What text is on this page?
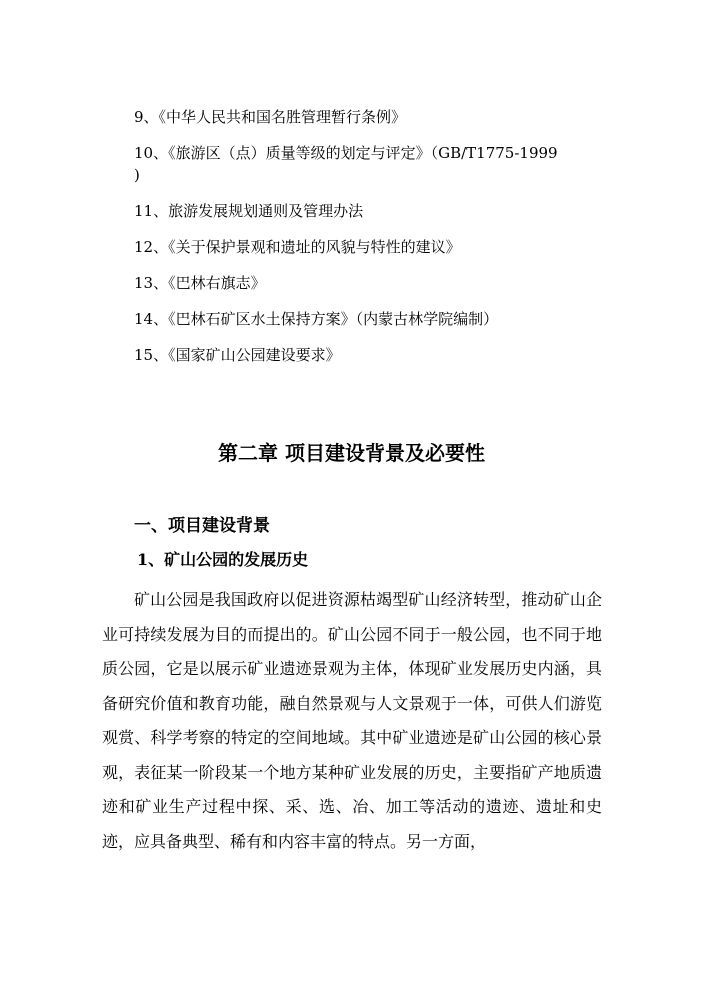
9、《中华人民共和国名胜管理暂行条例》
10、《旅游区（点）质量等级的划定与评定》（GB/T1775-1999
)
11、旅游发展规划通则及管理办法
12、《关于保护景观和遗址的风貌与特性的建议》
13、《巴林右旗志》
14、《巴林石矿区水土保持方案》（内蒙古林学院编制）
15、《国家矿山公园建设要求》
第二章 项目建设背景及必要性
一、项目建设背景
1、矿山公园的发展历史

矿山公园是我国政府以促进资源枯竭型矿山经济转型，推动矿山企业可持续发展为目的而提出的。矿山公园不同于一般公园，也不同于地质公园，它是以展示矿业遗迹景观为主体，体现矿业发展历史内涵，具备研究价值和教育功能，融自然景观与人文景观于一体，可供人们游览观赏、科学考察的特定的空间地域。其中矿业遗迹是矿山公园的核心景观，表征某一阶段某一个地方某种矿业发展的历史，主要指矿产地质遗迹和矿业生产过程中探、采、选、冶、加工等活动的遗迹、遗址和史迹，应具备典型、稀有和内容丰富的特点。另一方面，
